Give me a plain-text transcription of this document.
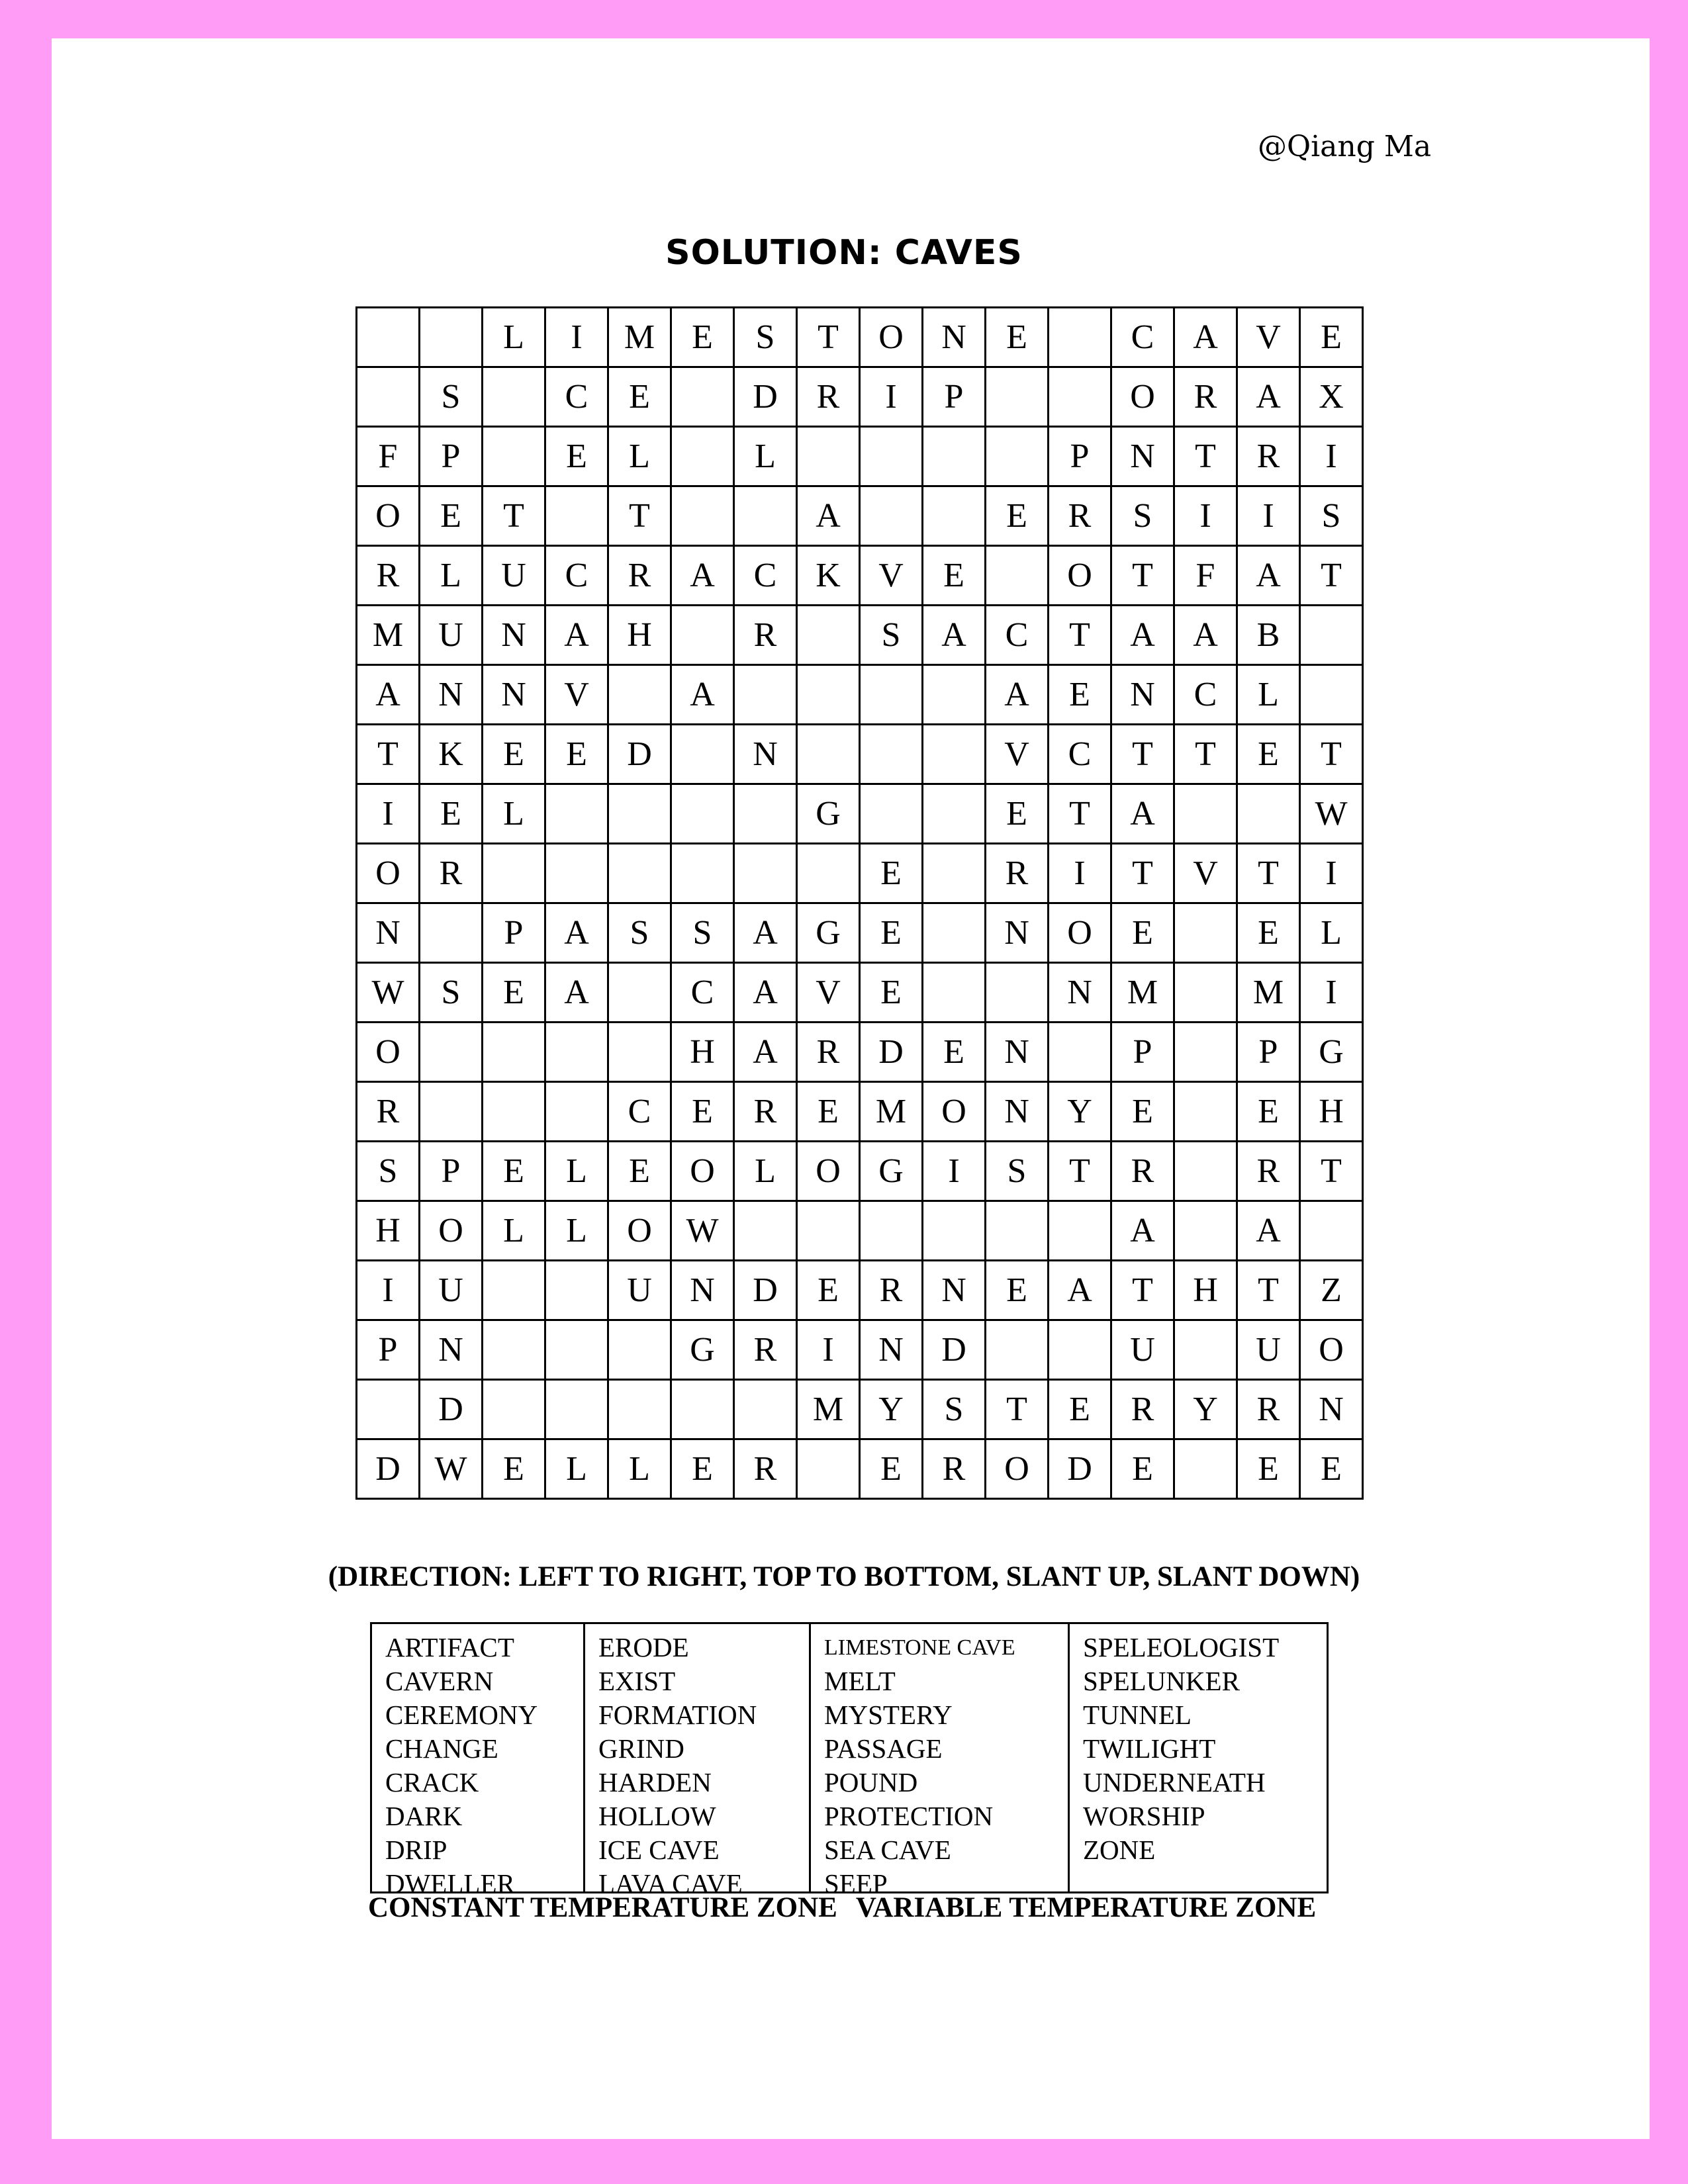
@Qiang Ma
SOLUTION: CAVES
		L	I	M	E	S	T	O	N	E		C	A	V	E
	S		C	E		D	R	I	P			O	R	A	X
F	P		E	L		L					P	N	T	R	I
O	E	T		T			A			E	R	S	I	I	S
R	L	U	C	R	A	C	K	V	E		O	T	F	A	T
M	U	N	A	H		R		S	A	C	T	A	A	B	
A	N	N	V		A					A	E	N	C	L	
T	K	E	E	D		N				V	C	T	T	E	T
I	E	L					G			E	T	A			W
O	R							E		R	I	T	V	T	I
N		P	A	S	S	A	G	E		N	O	E		E	L
W	S	E	A		C	A	V	E			N	M		M	I
O					H	A	R	D	E	N		P		P	G
R				C	E	R	E	M	O	N	Y	E		E	H
S	P	E	L	E	O	L	O	G	I	S	T	R		R	T
H	O	L	L	O	W							A		A	
I	U			U	N	D	E	R	N	E	A	T	H	T	Z
P	N				G	R	I	N	D			U		U	O
	D						M	Y	S	T	E	R	Y	R	N
D	W	E	L	L	E	R		E	R	O	D	E		E	E
(DIRECTION: LEFT TO RIGHT, TOP TO BOTTOM, SLANT UP, SLANT DOWN)
ARTIFACT
CAVERN
CEREMONY
CHANGE
CRACK
DARK
DRIP
DWELLER
ERODE
EXIST
FORMATION
GRIND
HARDEN
HOLLOW
ICE CAVE
LAVA CAVE
LIMESTONE CAVE
MELT
MYSTERY
PASSAGE
POUND
PROTECTION
SEA CAVE
SEEP
SPELEOLOGIST
SPELUNKER
TUNNEL
TWILIGHT
UNDERNEATH
WORSHIP
ZONE
CONSTANT TEMPERATURE ZONE VARIABLE TEMPERATURE ZONE
